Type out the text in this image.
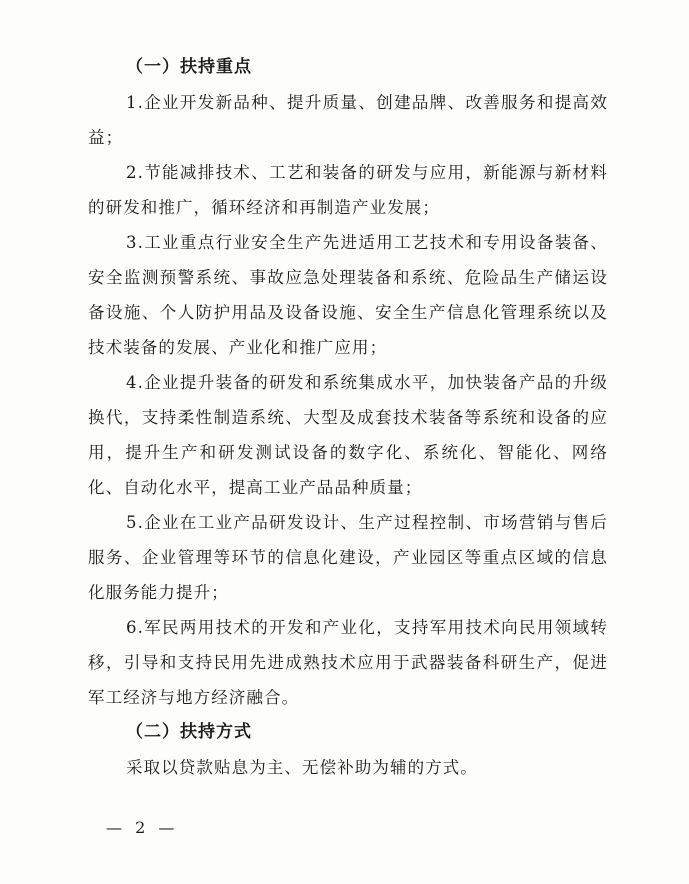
（一）扶持重点

1.企业开发新品种、提升质量、创建品牌、改善服务和提高效益；

2.节能减排技术、工艺和装备的研发与应用，新能源与新材料的研发和推广，循环经济和再制造产业发展；

3.工业重点行业安全生产先进适用工艺技术和专用设备装备、安全监测预警系统、事故应急处理装备和系统、危险品生产储运设备设施、个人防护用品及设备设施、安全生产信息化管理系统以及技术装备的发展、产业化和推广应用；

4.企业提升装备的研发和系统集成水平，加快装备产品的升级换代，支持柔性制造系统、大型及成套技术装备等系统和设备的应用，提升生产和研发测试设备的数字化、系统化、智能化、网络化、自动化水平，提高工业产品品种质量；

5.企业在工业产品研发设计、生产过程控制、市场营销与售后服务、企业管理等环节的信息化建设，产业园区等重点区域的信息化服务能力提升；

6.军民两用技术的开发和产业化，支持军用技术向民用领域转移，引导和支持民用先进成熟技术应用于武器装备科研生产，促进军工经济与地方经济融合。

（二）扶持方式

采取以贷款贴息为主、无偿补助为辅的方式。

— 2 —
